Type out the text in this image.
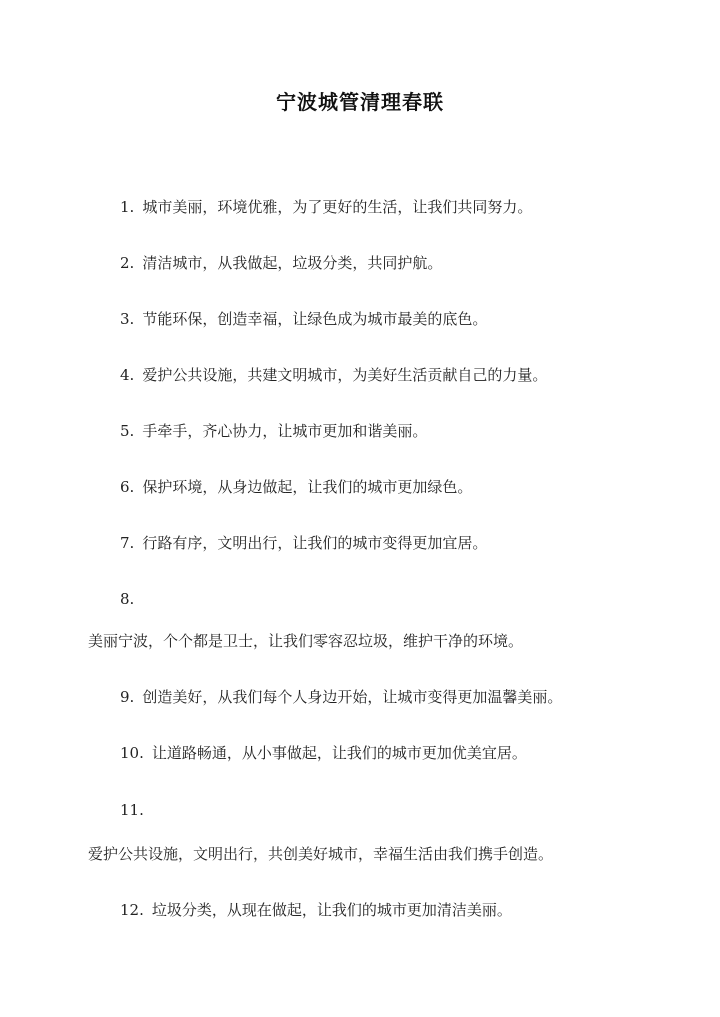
宁波城管清理春联
1. 城市美丽，环境优雅，为了更好的生活，让我们共同努力。
2. 清洁城市，从我做起，垃圾分类，共同护航。
3. 节能环保，创造幸福，让绿色成为城市最美的底色。
4. 爱护公共设施，共建文明城市，为美好生活贡献自己的力量。
5. 手牵手，齐心协力，让城市更加和谐美丽。
6. 保护环境，从身边做起，让我们的城市更加绿色。
7. 行路有序，文明出行，让我们的城市变得更加宜居。
8.
美丽宁波，个个都是卫士，让我们零容忍垃圾，维护干净的环境。
9. 创造美好，从我们每个人身边开始，让城市变得更加温馨美丽。
10. 让道路畅通，从小事做起，让我们的城市更加优美宜居。
11.
爱护公共设施，文明出行，共创美好城市，幸福生活由我们携手创造。
12. 垃圾分类，从现在做起，让我们的城市更加清洁美丽。
